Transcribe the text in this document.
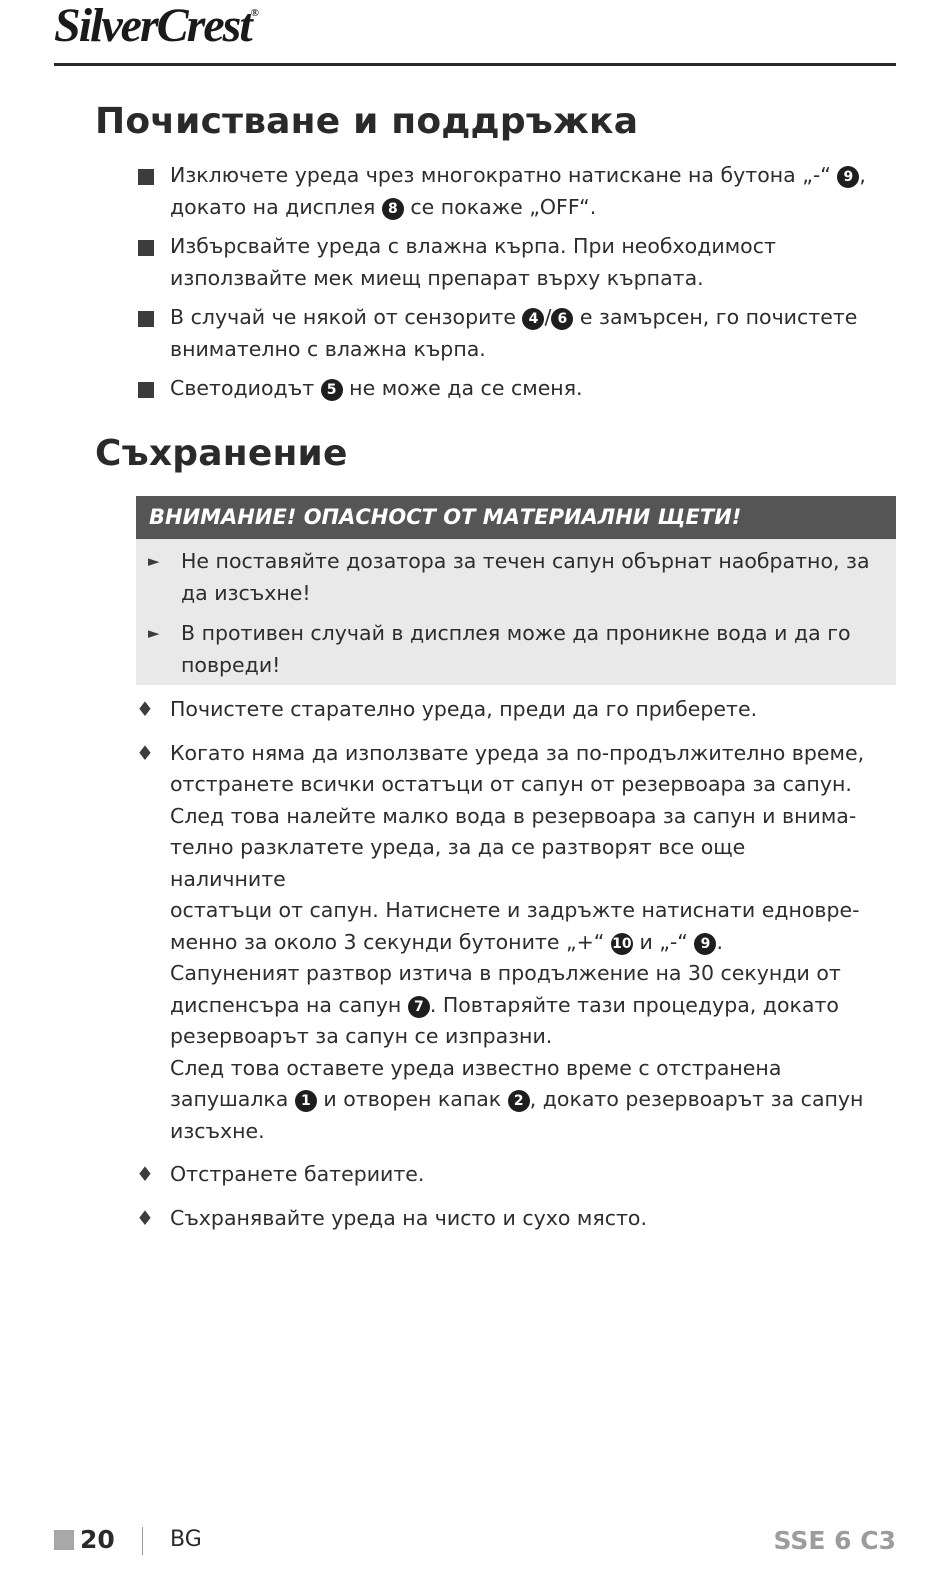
SilverCrest®
Почистване и поддръжка
Изключете уреда чрез многократно натискане на бутона „-“ 9 , докато на дисплея 8 се покаже „OFF“.
Избърсвайте уреда с влажна кърпа. При необходимост използвайте мек миещ препарат върху кърпата.
В случай че някой от сензорите 4 / 6 е замърсен, го почистете внимателно с влажна кърпа.
Светодиодът 5 не може да се сменя.
Съхранение
ВНИМАНИЕ! ОПАСНОСТ ОТ МАТЕРИАЛНИ ЩЕТИ!
► Не поставяйте дозатора за течен сапун обърнат наобратно, за да изсъхне!
► В противен случай в дисплея може да проникне вода и да го повреди!
♦ Почистете старателно уреда, преди да го приберете.
♦ Когато няма да използвате уреда за по-продължително време, отстранете всички остатъци от сапун от резервоара за сапун.
След това налейте малко вода в резервоара за сапун и внима-
телно разклатете уреда, за да се разтворят все още наличните
остатъци от сапун. Натиснете и задръжте натиснати едновре-
менно за около 3 секунди бутоните „+“ 10 и „-“ 9 .
Сапуненият разтвор изтича в продължение на 30 секунди от диспенсъра на сапун 7 . Повтаряйте тази процедура, докато резервоарът за сапун се изпразни.
След това оставете уреда известно време с отстранена запушалка 1 и отворен капак 2 , докато резервоарът за сапун изсъхне.
♦ Отстранете батериите.
♦ Съхранявайте уреда на чисто и сухо място.
20	BG	SSE 6 C3
